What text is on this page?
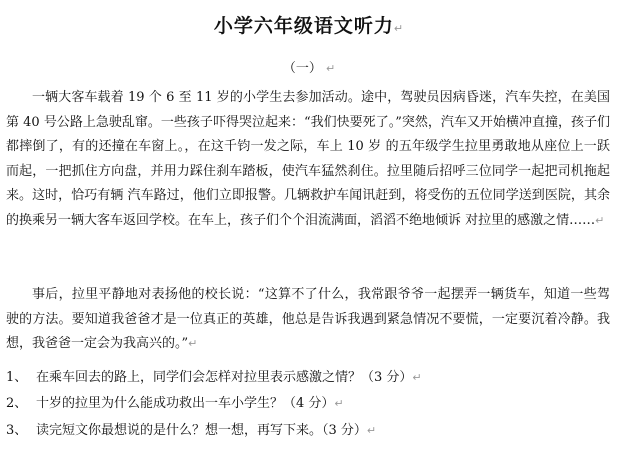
小学六年级语文听力↵
（一） ↵

一辆大客车载着 19 个 6 至 11 岁的小学生去参加活动。途中，驾驶员因病昏迷，汽车失控，在美国第 40 号公路上急驶乱窜。一些孩子吓得哭泣起来：“我们快要死了。”突然，汽车又开始横冲直撞，孩子们都摔倒了，有的还撞在车窗上。，在这千钧一发之际，车上 10 岁 的五年级学生拉里勇敢地从座位上一跃而起，一把抓住方向盘，并用力踩住刹车踏板，使汽车猛然刹住。拉里随后招呼三位同学一起把司机拖起来。这时，恰巧有辆 汽车路过，他们立即报警。几辆救护车闻讯赶到，将受伤的五位同学送到医院，其余的换乘另一辆大客车返回学校。在车上，孩子们个个泪流满面，滔滔不绝地倾诉 对拉里的感激之情……↵

事后，拉里平静地对表扬他的校长说：“这算不了什么，我常跟爷爷一起摆弄一辆货车，知道一些驾驶的方法。要知道我爸爸才是一位真正的英雄，他总是告诉我遇到紧急情况不要慌，一定要沉着冷静。我想，我爸爸一定会为我高兴的。”↵

1、 在乘车回去的路上，同学们会怎样对拉里表示感激之情？（3 分）↵
2、 十岁的拉里为什么能成功救出一车小学生？（4 分）↵
3、 读完短文你最想说的是什么？想一想，再写下来。（3 分）↵
